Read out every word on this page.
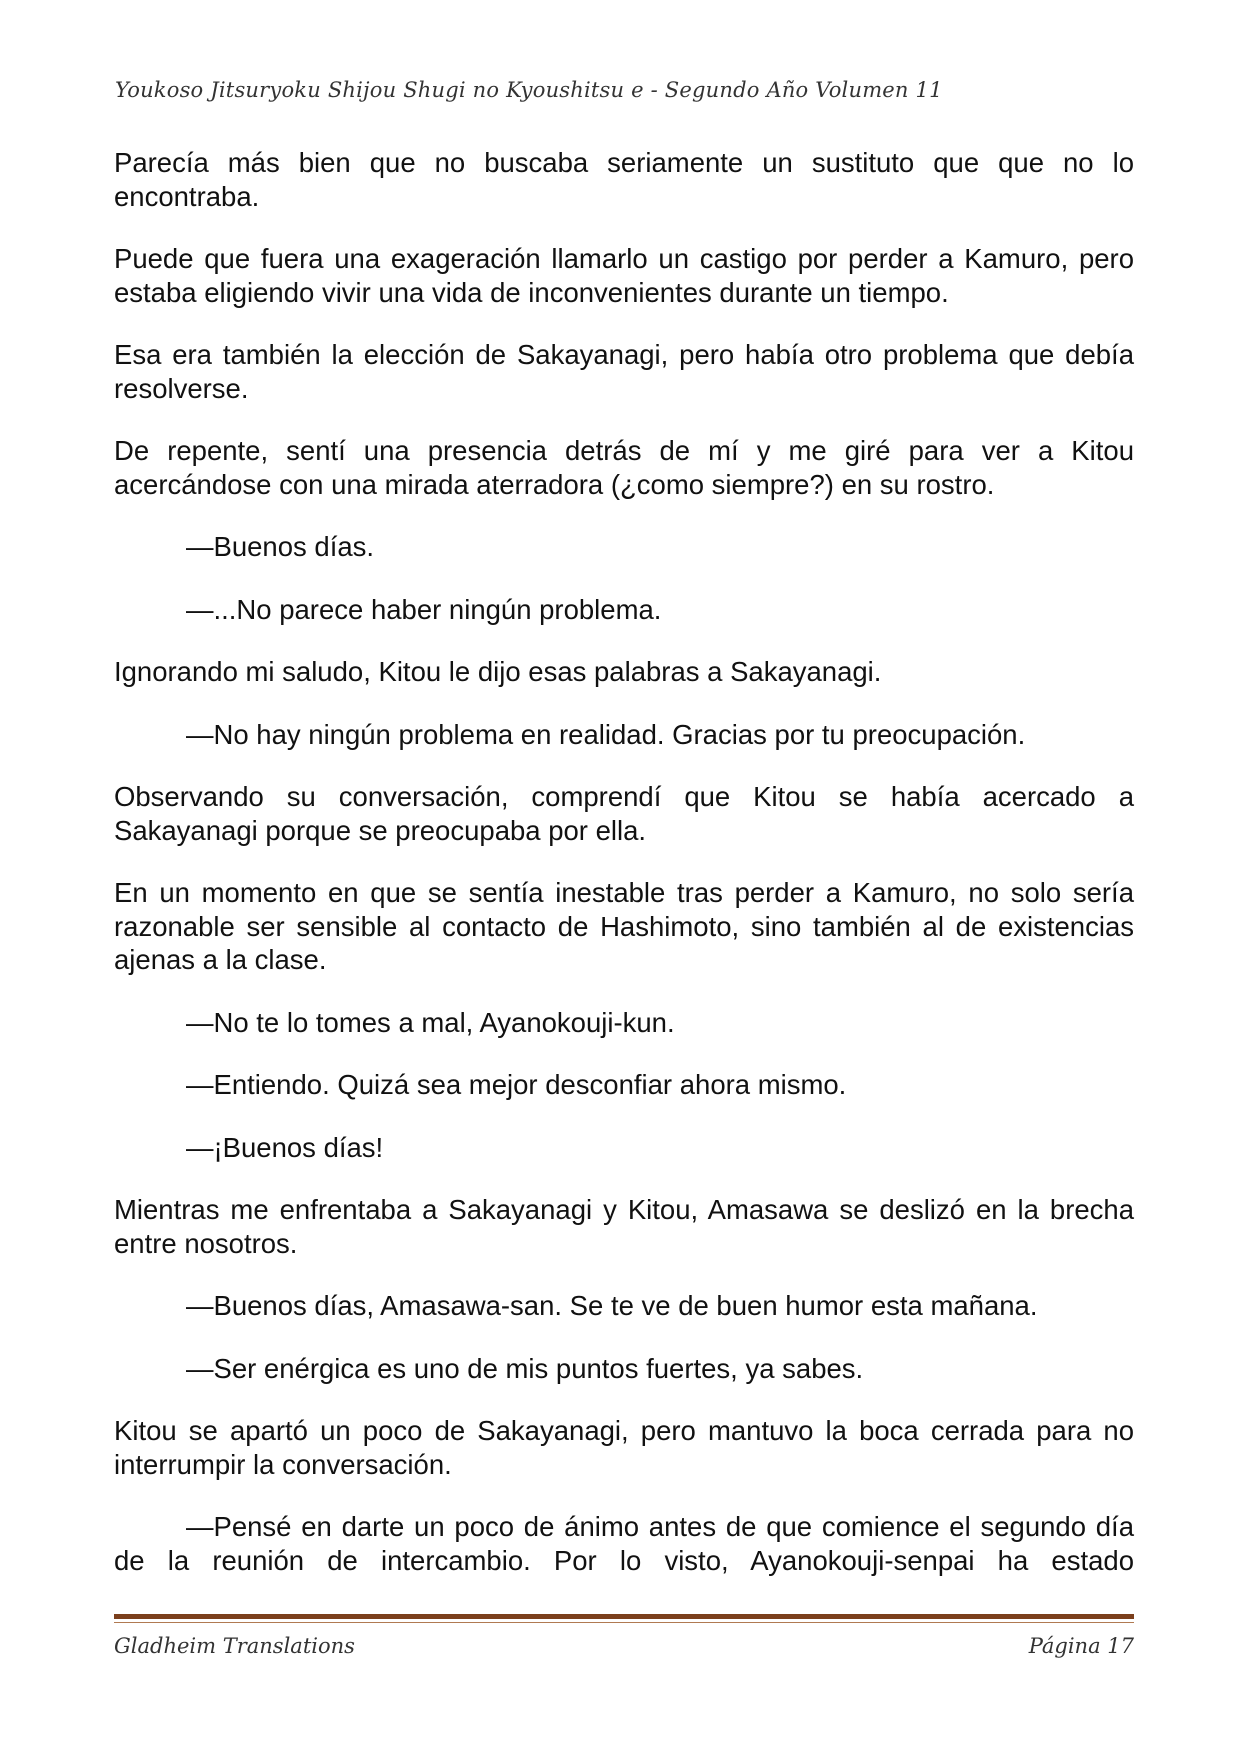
Youkoso Jitsuryoku Shijou Shugi no Kyoushitsu e - Segundo Año Volumen 11

Parecía más bien que no buscaba seriamente un sustituto que que no lo encontraba.

Puede que fuera una exageración llamarlo un castigo por perder a Kamuro, pero estaba eligiendo vivir una vida de inconvenientes durante un tiempo.

Esa era también la elección de Sakayanagi, pero había otro problema que debía resolverse.

De repente, sentí una presencia detrás de mí y me giré para ver a Kitou acercándose con una mirada aterradora (¿como siempre?) en su rostro.

—Buenos días.

—...No parece haber ningún problema.

Ignorando mi saludo, Kitou le dijo esas palabras a Sakayanagi.

—No hay ningún problema en realidad. Gracias por tu preocupación.

Observando su conversación, comprendí que Kitou se había acercado a Sakayanagi porque se preocupaba por ella.

En un momento en que se sentía inestable tras perder a Kamuro, no solo sería razonable ser sensible al contacto de Hashimoto, sino también al de existencias ajenas a la clase.

—No te lo tomes a mal, Ayanokouji-kun.

—Entiendo. Quizá sea mejor desconfiar ahora mismo.

—¡Buenos días!

Mientras me enfrentaba a Sakayanagi y Kitou, Amasawa se deslizó en la brecha entre nosotros.

—Buenos días, Amasawa-san. Se te ve de buen humor esta mañana.

—Ser enérgica es uno de mis puntos fuertes, ya sabes.

Kitou se apartó un poco de Sakayanagi, pero mantuvo la boca cerrada para no interrumpir la conversación.

—Pensé en darte un poco de ánimo antes de que comience el segundo día de la reunión de intercambio. Por lo visto, Ayanokouji-senpai ha estado

Gladheim Translations	Página 17
